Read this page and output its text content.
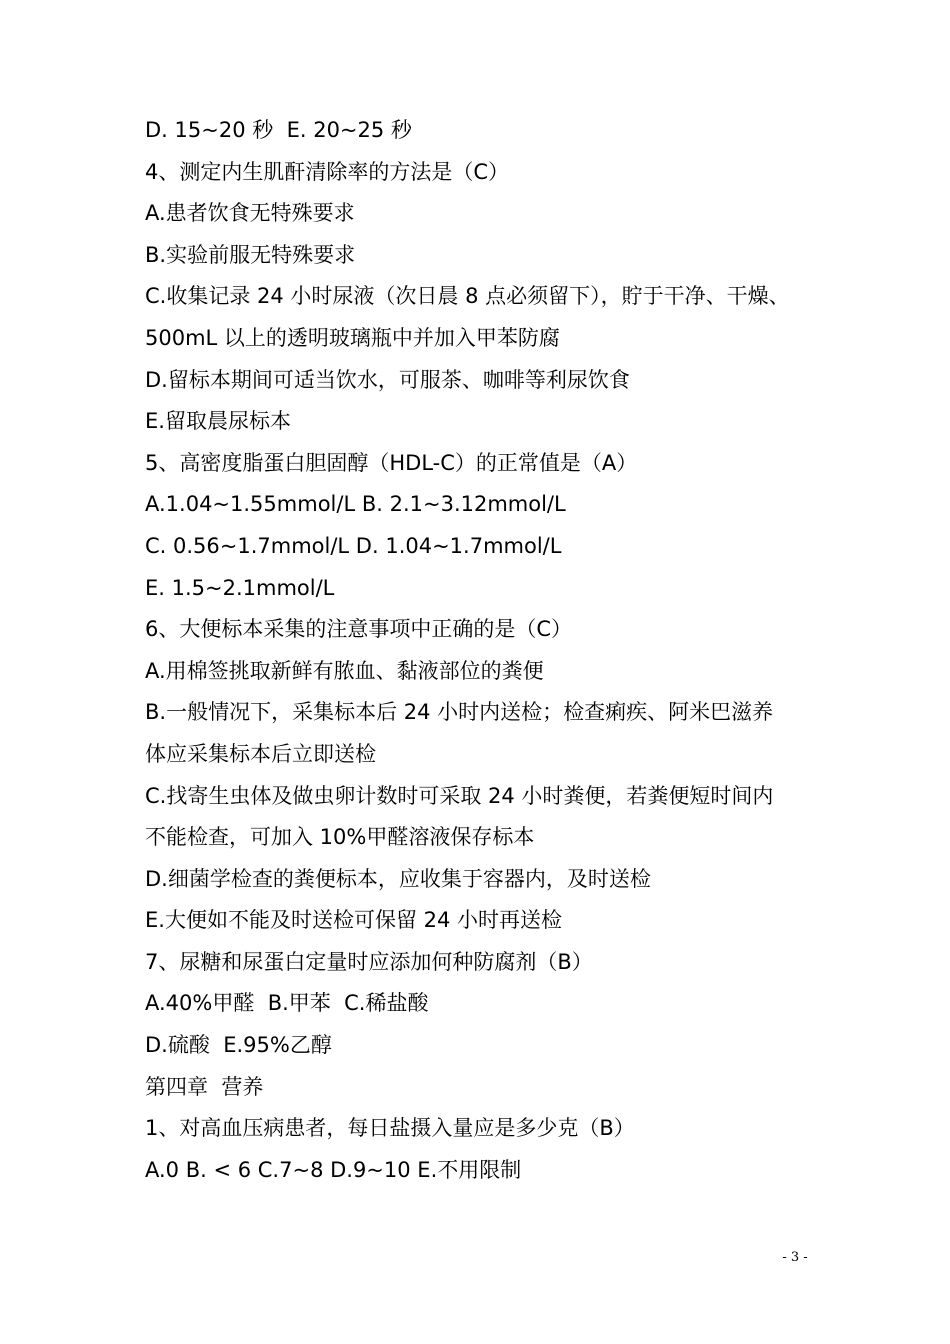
D. 15~20 秒  E. 20~25 秒
4、测定内生肌酐清除率的方法是（C）
A.患者饮食无特殊要求
B.实验前服无特殊要求
C.收集记录 24 小时尿液（次日晨 8 点必须留下），貯于干净、干燥、
500mL 以上的透明玻璃瓶中并加入甲苯防腐
D.留标本期间可适当饮水，可服茶、咖啡等利尿饮食
E.留取晨尿标本
5、高密度脂蛋白胆固醇（HDL-C）的正常值是（A）
A.1.04~1.55mmol/L B. 2.1~3.12mmol/L
C. 0.56~1.7mmol/L D. 1.04~1.7mmol/L
E. 1.5~2.1mmol/L
6、大便标本采集的注意事项中正确的是（C）
A.用棉签挑取新鲜有脓血、黏液部位的粪便
B.一般情况下，采集标本后 24 小时内送检；检查痢疾、阿米巴滋养
体应采集标本后立即送检
C.找寄生虫体及做虫卵计数时可采取 24 小时粪便，若粪便短时间内
不能检查，可加入 10%甲醛溶液保存标本
D.细菌学检查的粪便标本，应收集于容器内，及时送检
E.大便如不能及时送检可保留 24 小时再送检
7、尿糖和尿蛋白定量时应添加何种防腐剂（B）
A.40%甲醛  B.甲苯  C.稀盐酸
D.硫酸  E.95%乙醇
第四章  营养
1、对高血压病患者，每日盐摄入量应是多少克（B）
A.0 B. < 6 C.7~8 D.9~10 E.不用限制
- 3 -
